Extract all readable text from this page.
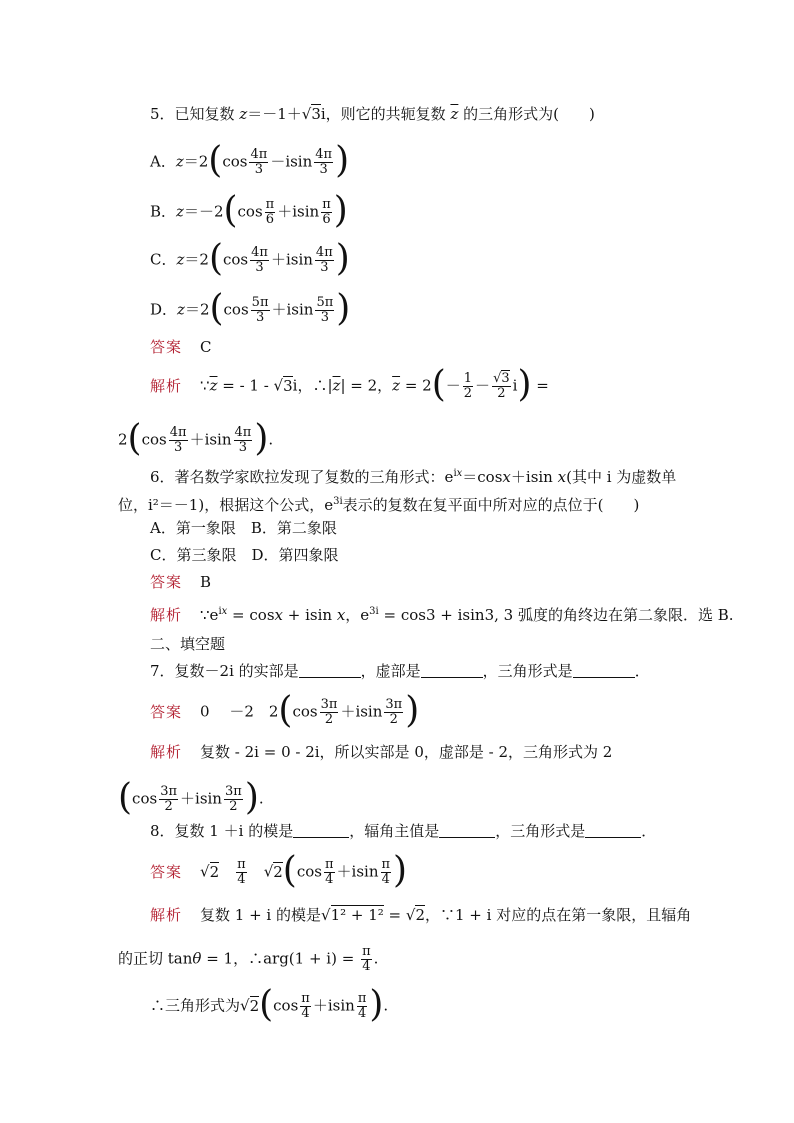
5．已知复数 z＝－1＋√3i，则它的共轭复数 $\overline{z}$ 的三角形式为(　　)
A．$z=2(\cos \frac{4\pi}{3} -isin \frac{4\pi}{3}$ )
B．$z=-2(\cos \frac{\pi}{6} +isin \frac{\pi}{6}$ )
C．$z=2(\cos \frac{4\pi}{3} +isin \frac{4\pi}{3}$ )
D．$z=2(\cos \frac{5\pi}{3} +isin \frac{5\pi}{3}$ )
答案 C
解析 $\because\overline{z}$ = - 1 - √3i，$\therefore|\overline{z}| = 2$，$\overline{z} = 2(- \frac{1}{2} - \frac{√3}{2} i)$ =
$2(\cos \frac{4\pi}{3} +isin \frac{4\pi}{3}$ ).
6．著名数学家欧拉发现了复数的三角形式：$e^{ix}=\cos x+isin$ x(其中 i 为虚数单
位，i²＝－1)，根据这个公式，$e^{3i}$表示的复数在复平面中所对应的点位于(　　)
A．第一象限　B．第二象限
C．第三象限　D．第四象限
答案 B
解析 $\because e^{ix} = \cos x + isin$ x，$e^{3i} = \cos 3 + isin3$, 3 弧度的角终边在第二象限．选 B.
二、填空题
7．复数－2i 的实部是	，虚部是	，三角形式是	．
答案 0　 －2　$2(\cos \frac{3\pi}{2} +isin \frac{3\pi}{2}$ )
解析 复数 - 2i = 0 - 2i，所以实部是 0，虚部是 - 2，三角形式为 2
($\cos \frac{3\pi}{2} +isin \frac{3\pi}{2}$ ).
8．复数 1 ＋i 的模是	，辐角主值是	，三角形式是	．
答案 √2　 $\frac{\pi}{4}$ 　$√2(\cos \frac{\pi}{4} +isin \frac{\pi}{4}$ )
解析 复数 1 + i 的模是√1² + 1² = √2，∵1 + i 对应的点在第一象限，且辐角
的正切 tanθ = 1，∴arg(1 + $i) = \frac{\pi}{4}$ .
∴三角形式为$√2(\cos \frac{\pi}{4} +isin \frac{\pi}{4}$ ).
